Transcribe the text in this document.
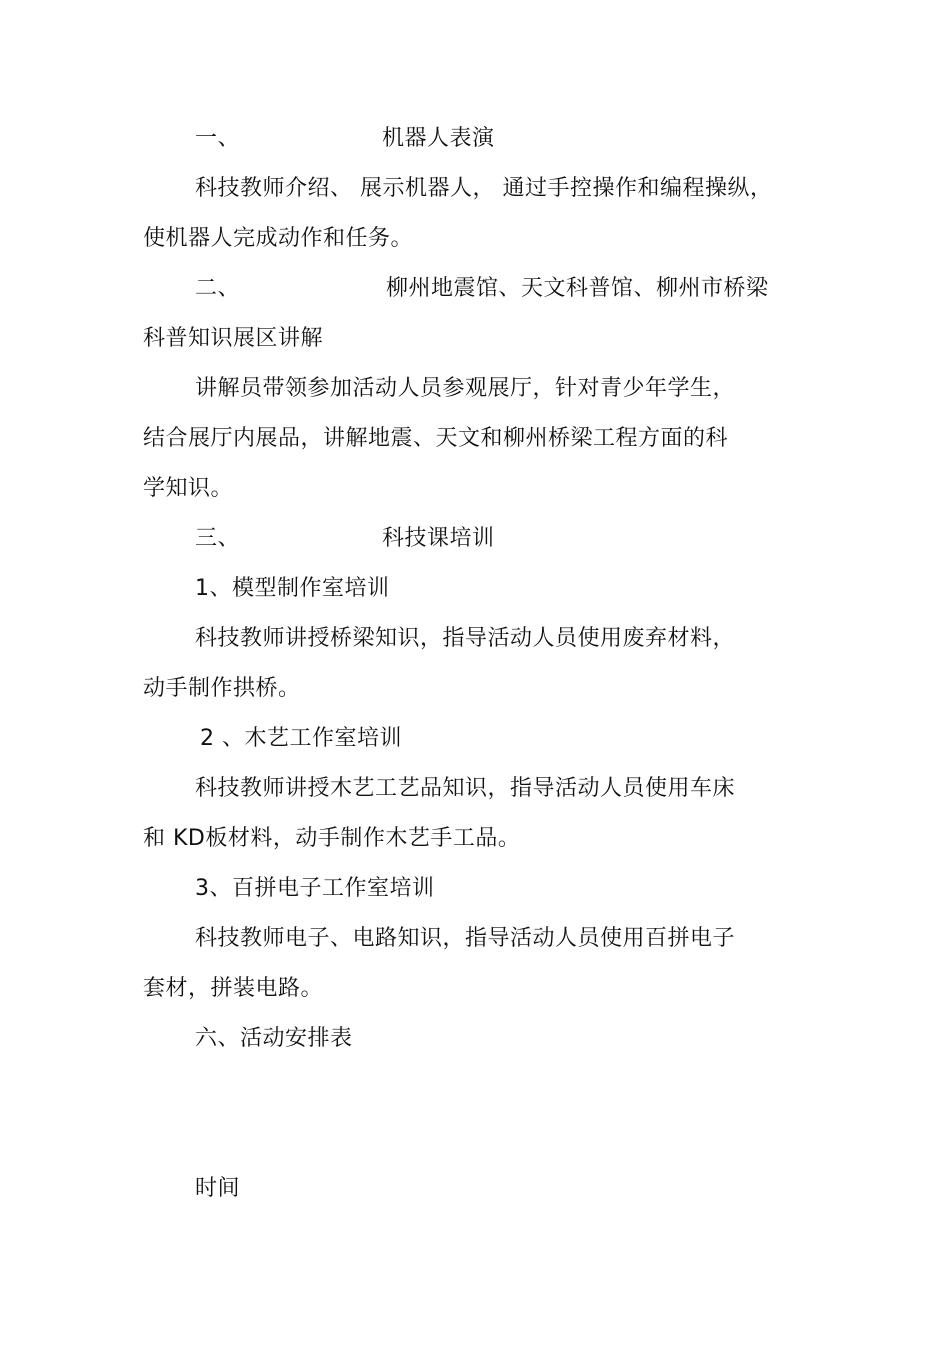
一、	机器人表演
科技教师介绍、 展示机器人， 通过手控操作和编程操纵，
使机器人完成动作和任务。
二、	柳州地震馆、天文科普馆、柳州市桥梁
科普知识展区讲解
讲解员带领参加活动人员参观展厅，针对青少年学生，
结合展厅内展品，讲解地震、天文和柳州桥梁工程方面的科
学知识。
三、	科技课培训
1、模型制作室培训
科技教师讲授桥梁知识，指导活动人员使用废弃材料，
动手制作拱桥。
2 、木艺工作室培训
科技教师讲授木艺工艺品知识，指导活动人员使用车床
和 KD板材料，动手制作木艺手工品。
3、百拼电子工作室培训
科技教师电子、电路知识，指导活动人员使用百拼电子
套材，拼装电路。
六、活动安排表
时间
